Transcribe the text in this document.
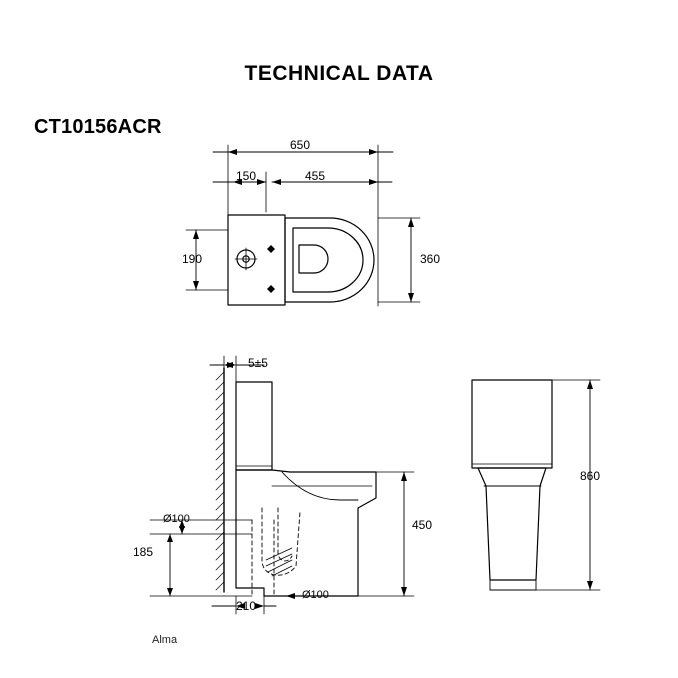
TECHNICAL DATA
CT10156ACR
650
150	455
190	360
5±5
Ø100
185
Ø100
210
450
860
Alma
